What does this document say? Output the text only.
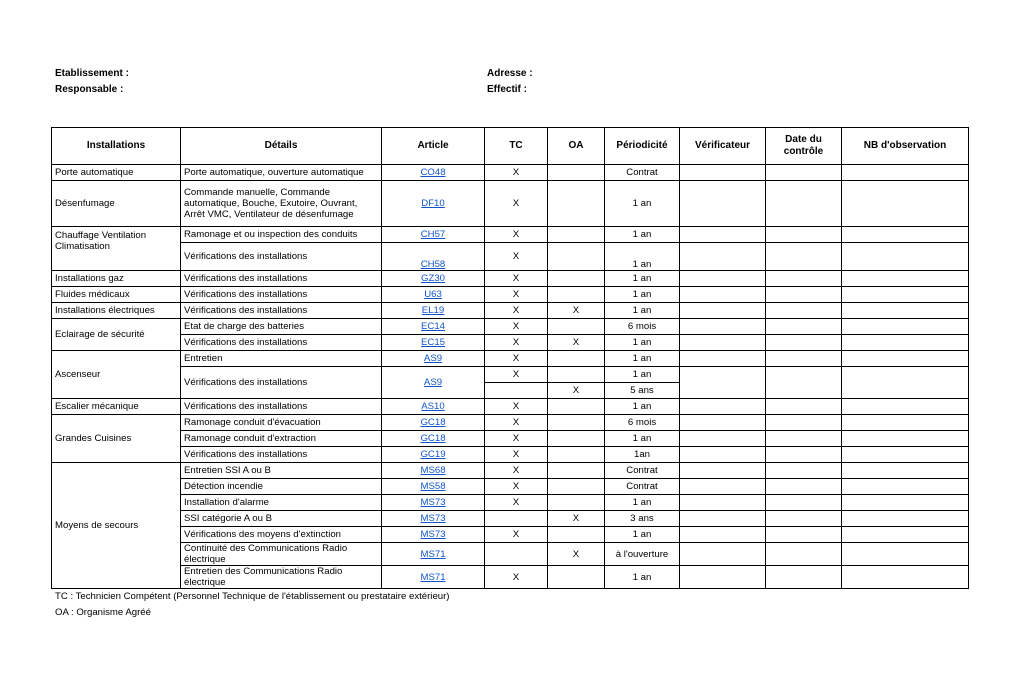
Etablissement :
Responsable :
Adresse :
Effectif :
Installations	Détails	Article	TC	OA	Périodicité	Vérificateur	Date du contrôle	NB d'observation
Porte automatique	Porte automatique, ouverture automatique	CO48	X		Contrat			
Désenfumage	Commande manuelle, Commande automatique, Bouche, Exutoire, Ouvrant, Arrêt VMC, Ventilateur de désenfumage	DF10	X		1 an			
Chauffage Ventilation Climatisation	Ramonage et ou inspection des conduits	CH57	X		1 an			
	Vérifications des installations	CH58	X		1 an			
Installations gaz	Vérifications des installations	GZ30	X		1 an			
Fluides médicaux	Vérifications des installations	U63	X		1 an			
Installations électriques	Vérifications des installations	EL19	X	X	1 an			
Eclairage de sécurité	Etat de charge des batteries	EC14	X		6 mois			
	Vérifications des installations	EC15	X	X	1 an			
Ascenseur	Entretien	AS9	X		1 an			
	Vérifications des installations	AS9	X		1 an			
				X	5 ans			
Escalier mécanique	Vérifications des installations	AS10	X		1 an			
Grandes Cuisines	Ramonage conduit d'évacuation	GC18	X		6 mois			
	Ramonage conduit d'extraction	GC18	X		1 an			
	Vérifications des installations	GC19	X		1an			
Moyens de secours	Entretien SSI A ou B	MS68	X		Contrat			
	Détection incendie	MS58	X		Contrat			
	Installation d'alarme	MS73	X		1 an			
	SSI catégorie A ou B	MS73		X	3 ans			
	Vérifications des moyens d'extinction	MS73	X		1 an			
	Continuité des Communications Radio électrique	MS71		X	à l'ouverture			
	Entretien des Communications Radio électrique	MS71	X		1 an			
TC : Technicien Compétent (Personnel Technique de l'établissement ou prestataire extérieur)
OA : Organisme Agréé
